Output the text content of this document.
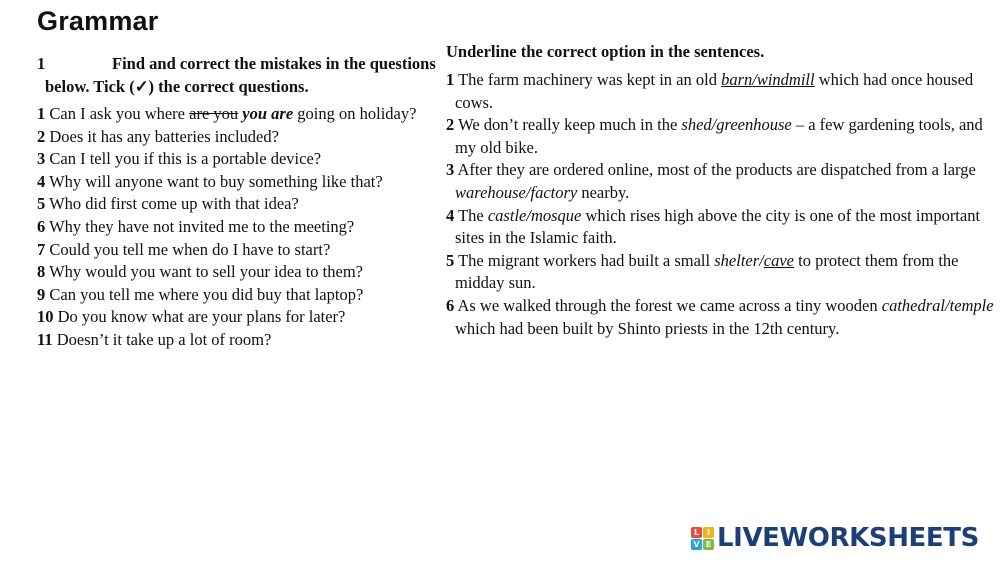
Grammar
1	Find and correct the mistakes in the questions below. Tick (✓) the correct questions.
1 Can I ask you where are you you are going on holiday?
2 Does it has any batteries included?
3 Can I tell you if this is a portable device?
4 Why will anyone want to buy something like that?
5 Who did first come up with that idea?
6 Why they have not invited me to the meeting?
7 Could you tell me when do I have to start?
8 Why would you want to sell your idea to them?
9 Can you tell me where you did buy that laptop?
10 Do you know what are your plans for later?
11 Doesn’t it take up a lot of room?
Underline the correct option in the sentences.
1 The farm machinery was kept in an old barn/windmill which had once housed cows.
2 We don’t really keep much in the shed/greenhouse – a few gardening tools, and my old bike.
3 After they are ordered online, most of the products are dispatched from a large warehouse/factory nearby.
4 The castle/mosque which rises high above the city is one of the most important sites in the Islamic faith.
5 The migrant workers had built a small shelter/cave to protect them from the midday sun.
6 As we walked through the forest we came across a tiny wooden cathedral/temple which had been built by Shinto priests in the 12th century.
L I
V E LIVEWORKSHEETS
